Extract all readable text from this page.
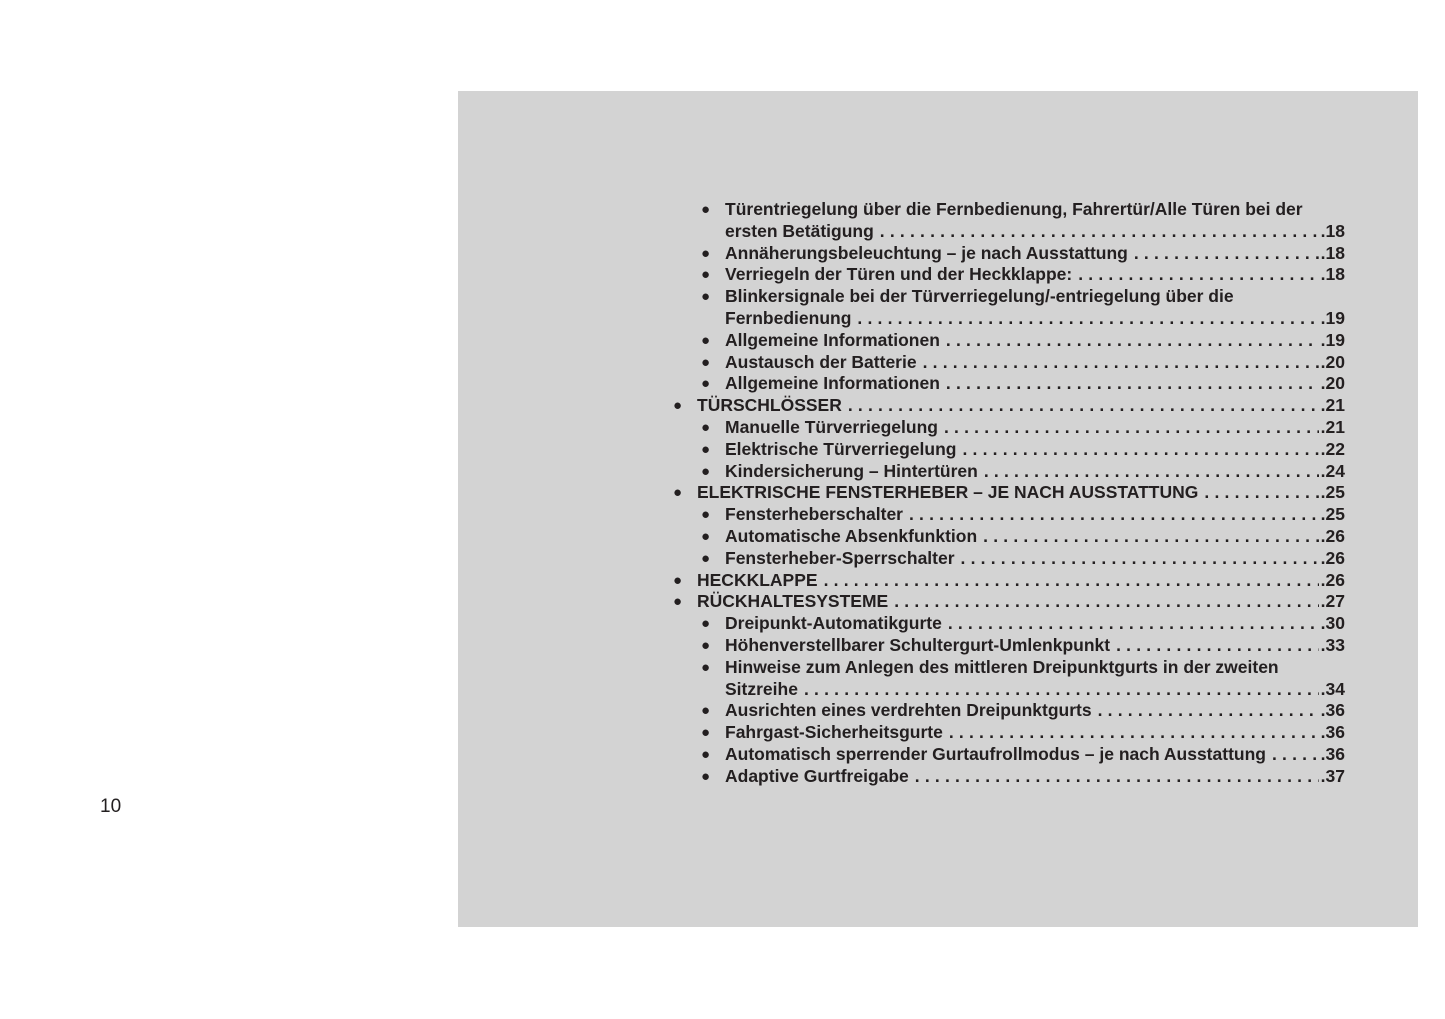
10
● Türentriegelung über die Fernbedienung, Fahrertür/Alle Türen bei der
ersten Betätigung .....	.18
● Annäherungsbeleuchtung – je nach Ausstattung .....	.18
● Verriegeln der Türen und der Heckklappe: .....	.18
● Blinkersignale bei der Türverriegelung/-entriegelung über die
Fernbedienung .....	.19
● Allgemeine Informationen .....	.19
● Austausch der Batterie .....	.20
● Allgemeine Informationen .....	.20
● TÜRSCHLÖSSER .....	.21
● Manuelle Türverriegelung .....	.21
● Elektrische Türverriegelung .....	.22
● Kindersicherung – Hintertüren .....	.24
● ELEKTRISCHE FENSTERHEBER – JE NACH AUSSTATTUNG .....	.25
● Fensterheberschalter .....	.25
● Automatische Absenkfunktion .....	.26
● Fensterheber-Sperrschalter .....	.26
● HECKKLAPPE .....	.26
● RÜCKHALTESYSTEME .....	.27
● Dreipunkt-Automatikgurte .....	.30
● Höhenverstellbarer Schultergurt-Umlenkpunkt .....	.33
● Hinweise zum Anlegen des mittleren Dreipunktgurts in der zweiten
Sitzreihe .....	.34
● Ausrichten eines verdrehten Dreipunktgurts .....	.36
● Fahrgast-Sicherheitsgurte .....	.36
● Automatisch sperrender Gurtaufrollmodus – je nach Ausstattung .....	.36
● Adaptive Gurtfreigabe .....	.37
